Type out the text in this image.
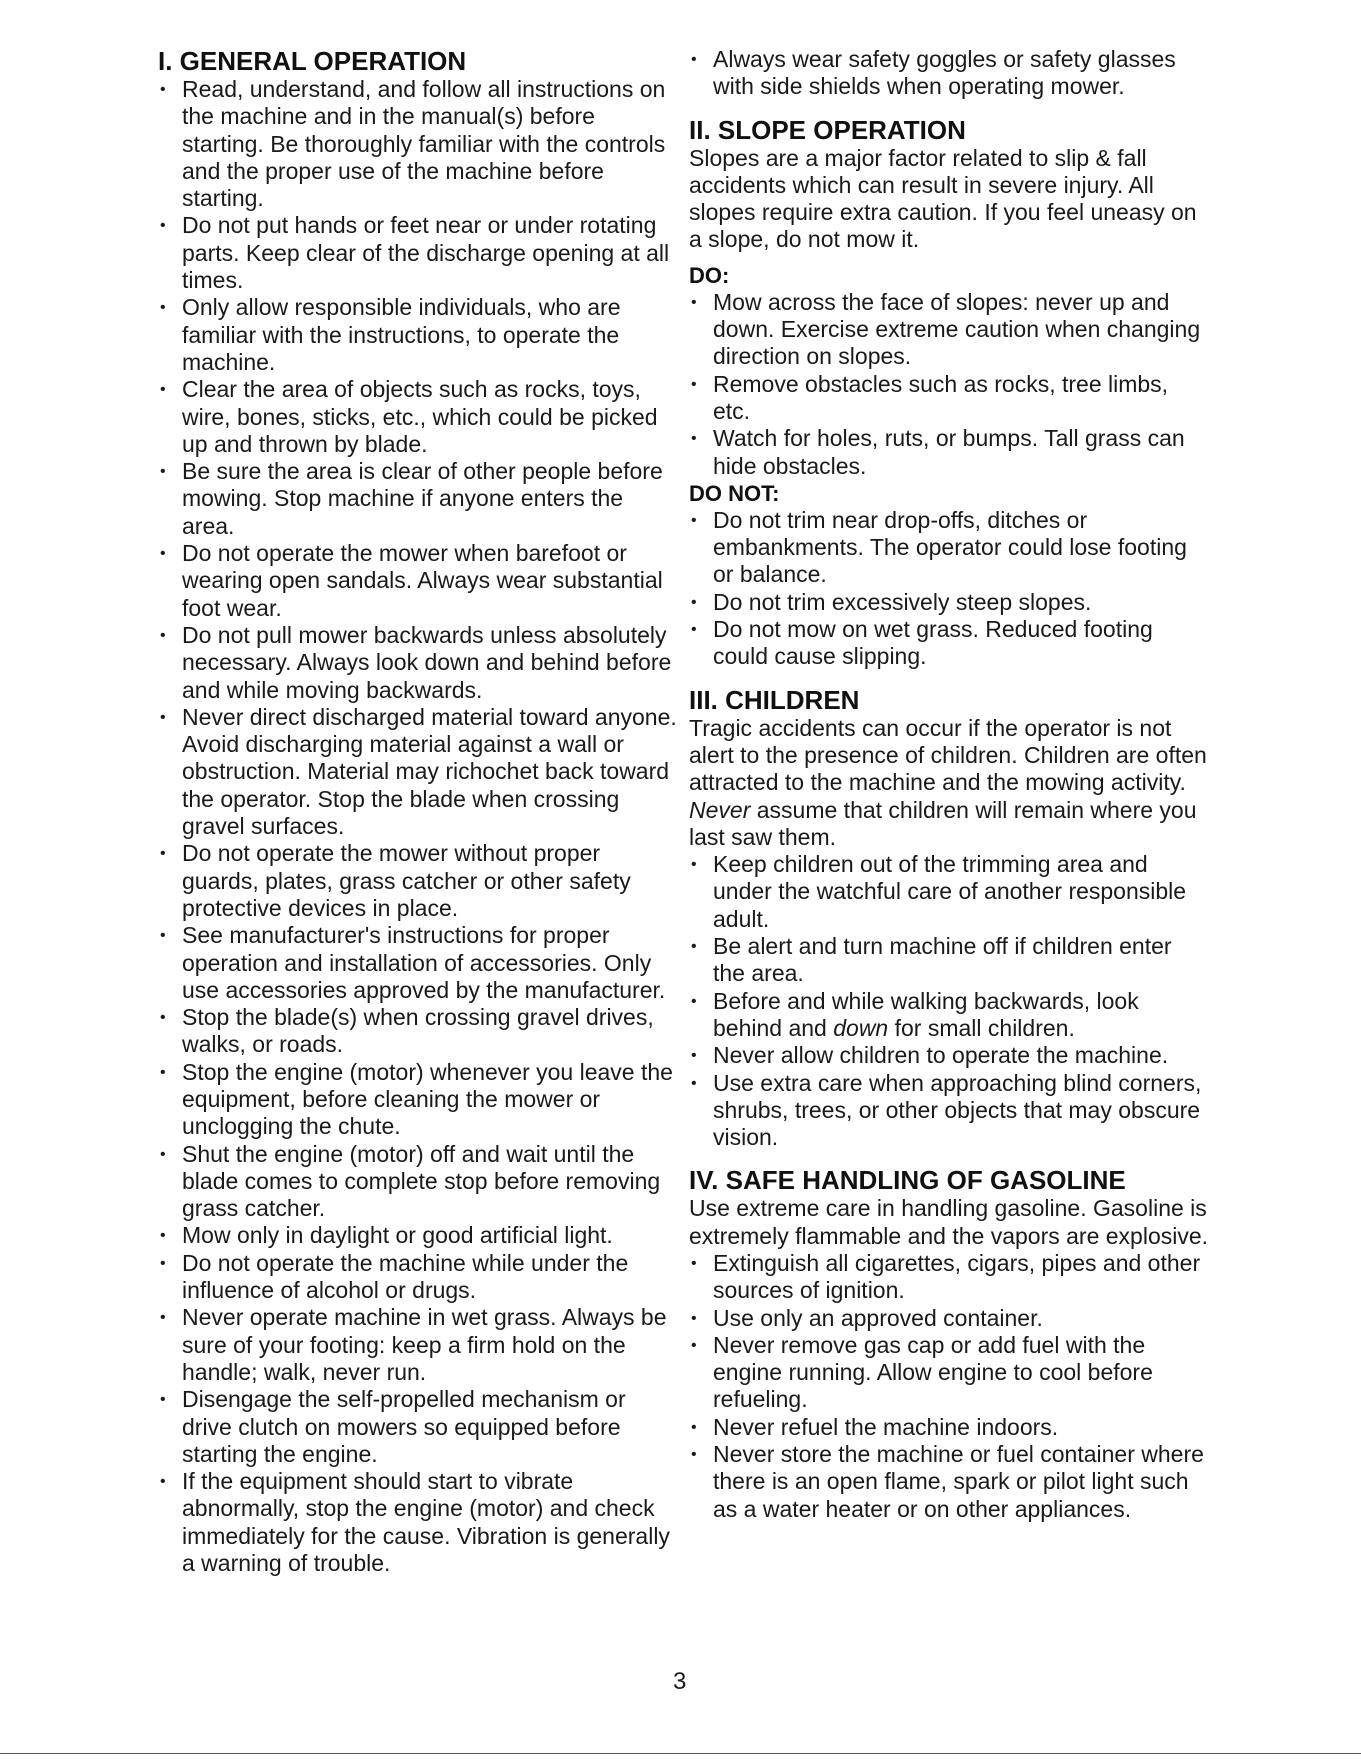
I. GENERAL OPERATION
• Read, understand, and follow all instructions on the machine and in the manual(s) before starting. Be thoroughly familiar with the controls and the proper use of the machine before starting.
• Do not put hands or feet near or under rotating parts. Keep clear of the discharge opening at all times.
• Only allow responsible individuals, who are familiar with the instructions, to operate the machine.
• Clear the area of objects such as rocks, toys, wire, bones, sticks, etc., which could be picked up and thrown by blade.
• Be sure the area is clear of other people before mowing. Stop machine if anyone enters the area.
• Do not operate the mower when barefoot or wearing open sandals. Always wear substantial foot wear.
• Do not pull mower backwards unless absolutely necessary. Always look down and behind before and while moving backwards.
• Never direct discharged material toward anyone. Avoid discharging material against a wall or obstruction. Material may richochet back toward the operator. Stop the blade when crossing gravel surfaces.
• Do not operate the mower without proper guards, plates, grass catcher or other safety protective devices in place.
• See manufacturer's instructions for proper operation and installation of accessories. Only use accessories approved by the manufacturer.
• Stop the blade(s) when crossing gravel drives, walks, or roads.
• Stop the engine (motor) whenever you leave the equipment, before cleaning the mower or unclogging the chute.
• Shut the engine (motor) off and wait until the blade comes to complete stop before removing grass catcher.
• Mow only in daylight or good artificial light.
• Do not operate the machine while under the influence of alcohol or drugs.
• Never operate machine in wet grass. Always be sure of your footing: keep a firm hold on the handle; walk, never run.
• Disengage the self-propelled mechanism or drive clutch on mowers so equipped before starting the engine.
• If the equipment should start to vibrate abnormally, stop the engine (motor) and check immediately for the cause. Vibration is generally a warning of trouble.
• Always wear safety goggles or safety glasses with side shields when operating mower.
II. SLOPE OPERATION

Slopes are a major factor related to slip & fall accidents which can result in severe injury. All slopes require extra caution. If you feel uneasy on a slope, do not mow it.

DO:
• Mow across the face of slopes: never up and down. Exercise extreme caution when changing direction on slopes.
• Remove obstacles such as rocks, tree limbs, etc.
• Watch for holes, ruts, or bumps. Tall grass can hide obstacles.
DO NOT:
• Do not trim near drop-offs, ditches or embankments. The operator could lose footing or balance.
• Do not trim excessively steep slopes.
• Do not mow on wet grass. Reduced footing could cause slipping.
III. CHILDREN

Tragic accidents can occur if the operator is not alert to the presence of children. Children are often attracted to the machine and the mowing activity. Never assume that children will remain where you last saw them.

• Keep children out of the trimming area and under the watchful care of another responsible adult.
• Be alert and turn machine off if children enter the area.
• Before and while walking backwards, look behind and down for small children.
• Never allow children to operate the machine.
• Use extra care when approaching blind corners, shrubs, trees, or other objects that may obscure vision.
IV. SAFE HANDLING OF GASOLINE

Use extreme care in handling gasoline. Gasoline is extremely flammable and the vapors are explosive.

• Extinguish all cigarettes, cigars, pipes and other sources of ignition.
• Use only an approved container.
• Never remove gas cap or add fuel with the engine running. Allow engine to cool before refueling.
• Never refuel the machine indoors.
• Never store the machine or fuel container where there is an open flame, spark or pilot light such as a water heater or on other appliances.
3
